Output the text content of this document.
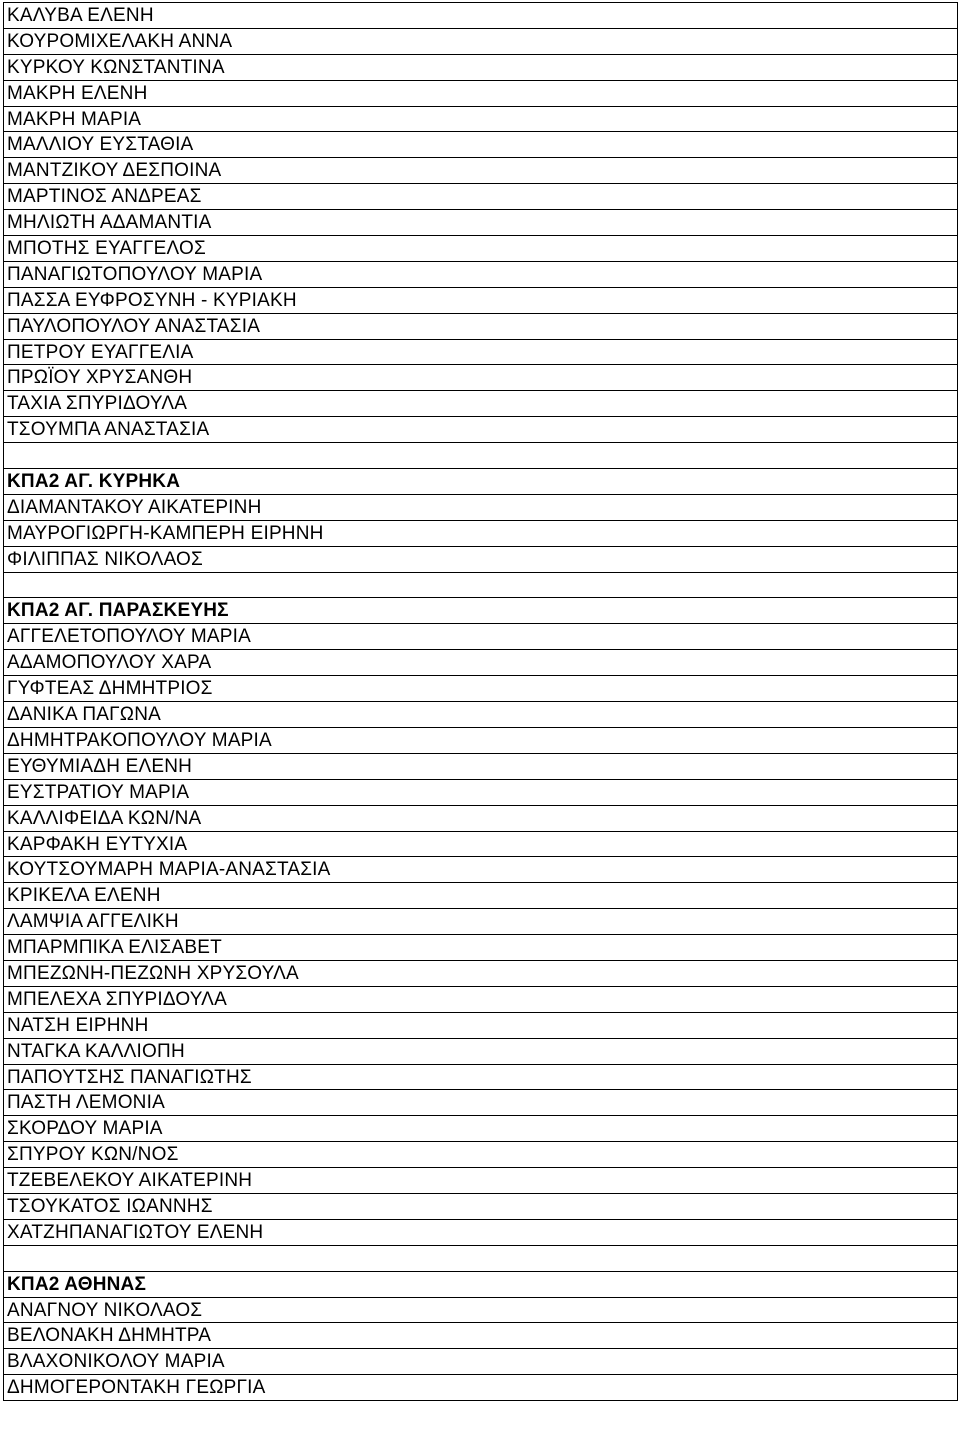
ΚΑΛΥΒΑ ΕΛΕΝΗ
ΚΟΥΡΟΜΙΧΕΛΑΚΗ ΑΝΝΑ
ΚΥΡΚΟΥ ΚΩΝΣΤΑΝΤΙΝΑ
ΜΑΚΡΗ ΕΛΕΝΗ
ΜΑΚΡΗ ΜΑΡΙΑ
ΜΑΛΛΙΟΥ ΕΥΣΤΑΘΙΑ
ΜΑΝΤΖΙΚΟΥ ΔΕΣΠΟΙΝΑ
ΜΑΡΤΙΝΟΣ ΑΝΔΡΕΑΣ
ΜΗΛΙΩΤΗ ΑΔΑΜΑΝΤΙΑ
ΜΠΟΤΗΣ ΕΥΑΓΓΕΛΟΣ
ΠΑΝΑΓΙΩΤΟΠΟΥΛΟΥ ΜΑΡΙΑ
ΠΑΣΣΑ ΕΥΦΡΟΣΥΝΗ - ΚΥΡΙΑΚΗ
ΠΑΥΛΟΠΟΥΛΟΥ ΑΝΑΣΤΑΣΙΑ
ΠΕΤΡΟΥ ΕΥΑΓΓΕΛΙΑ
ΠΡΩΪΟΥ ΧΡΥΣΑΝΘΗ
ΤΑΧΙΑ ΣΠΥΡΙΔΟΥΛΑ
ΤΣΟΥΜΠΑ ΑΝΑΣΤΑΣΙΑ
ΚΠΑ2 ΑΓ. ΚΥΡΗΚΑ
ΔΙΑΜΑΝΤΑΚΟΥ ΑΙΚΑΤΕΡΙΝΗ
ΜΑΥΡΟΓΙΩΡΓΗ-ΚΑΜΠΕΡΗ ΕΙΡΗΝΗ
ΦΙΛΙΠΠΑΣ ΝΙΚΟΛΑΟΣ
ΚΠΑ2 ΑΓ. ΠΑΡΑΣΚΕΥΗΣ
ΑΓΓΕΛΕΤΟΠΟΥΛΟΥ ΜΑΡΙΑ
ΑΔΑΜΟΠΟΥΛΟΥ ΧΑΡΑ
ΓΥΦΤΕΑΣ ΔΗΜΗΤΡΙΟΣ
ΔΑΝΙΚΑ ΠΑΓΩΝΑ
ΔΗΜΗΤΡΑΚΟΠΟΥΛΟΥ ΜΑΡΙΑ
ΕΥΘΥΜΙΑΔΗ ΕΛΕΝΗ
ΕΥΣΤΡΑΤΙΟΥ ΜΑΡΙΑ
ΚΑΛΛΙΦΕΙΔΑ ΚΩΝ/ΝΑ
ΚΑΡΦΑΚΗ ΕΥΤΥΧΙΑ
ΚΟΥΤΣΟΥΜΑΡΗ ΜΑΡΙΑ-ΑΝΑΣΤΑΣΙΑ
ΚΡΙΚΕΛΑ ΕΛΕΝΗ
ΛΑΜΨΙΑ ΑΓΓΕΛΙΚΗ
ΜΠΑΡΜΠΙΚΑ ΕΛΙΣΑΒΕΤ
ΜΠΕΖΩΝΗ-ΠΕΖΩΝΗ ΧΡΥΣΟΥΛΑ
ΜΠΕΛΕΧΑ ΣΠΥΡΙΔΟΥΛΑ
ΝΑΤΣΗ ΕΙΡΗΝΗ
ΝΤΑΓΚΑ ΚΑΛΛΙΟΠΗ
ΠΑΠΟΥΤΣΗΣ ΠΑΝΑΓΙΩΤΗΣ
ΠΑΣΤΗ ΛΕΜΟΝΙΑ
ΣΚΟΡΔΟΥ ΜΑΡΙΑ
ΣΠΥΡΟΥ ΚΩΝ/ΝΟΣ
ΤΖΕΒΕΛΕΚΟΥ ΑΙΚΑΤΕΡΙΝΗ
ΤΣΟΥΚΑΤΟΣ ΙΩΑΝΝΗΣ
ΧΑΤΖΗΠΑΝΑΓΙΩΤΟΥ ΕΛΕΝΗ
ΚΠΑ2 ΑΘΗΝΑΣ
ΑΝΑΓΝΟΥ ΝΙΚΟΛΑΟΣ
ΒΕΛΟΝΑΚΗ ΔΗΜΗΤΡΑ
ΒΛΑΧΟΝΙΚΟΛΟΥ ΜΑΡΙΑ
ΔΗΜΟΓΕΡΟΝΤΑΚΗ ΓΕΩΡΓΙΑ
